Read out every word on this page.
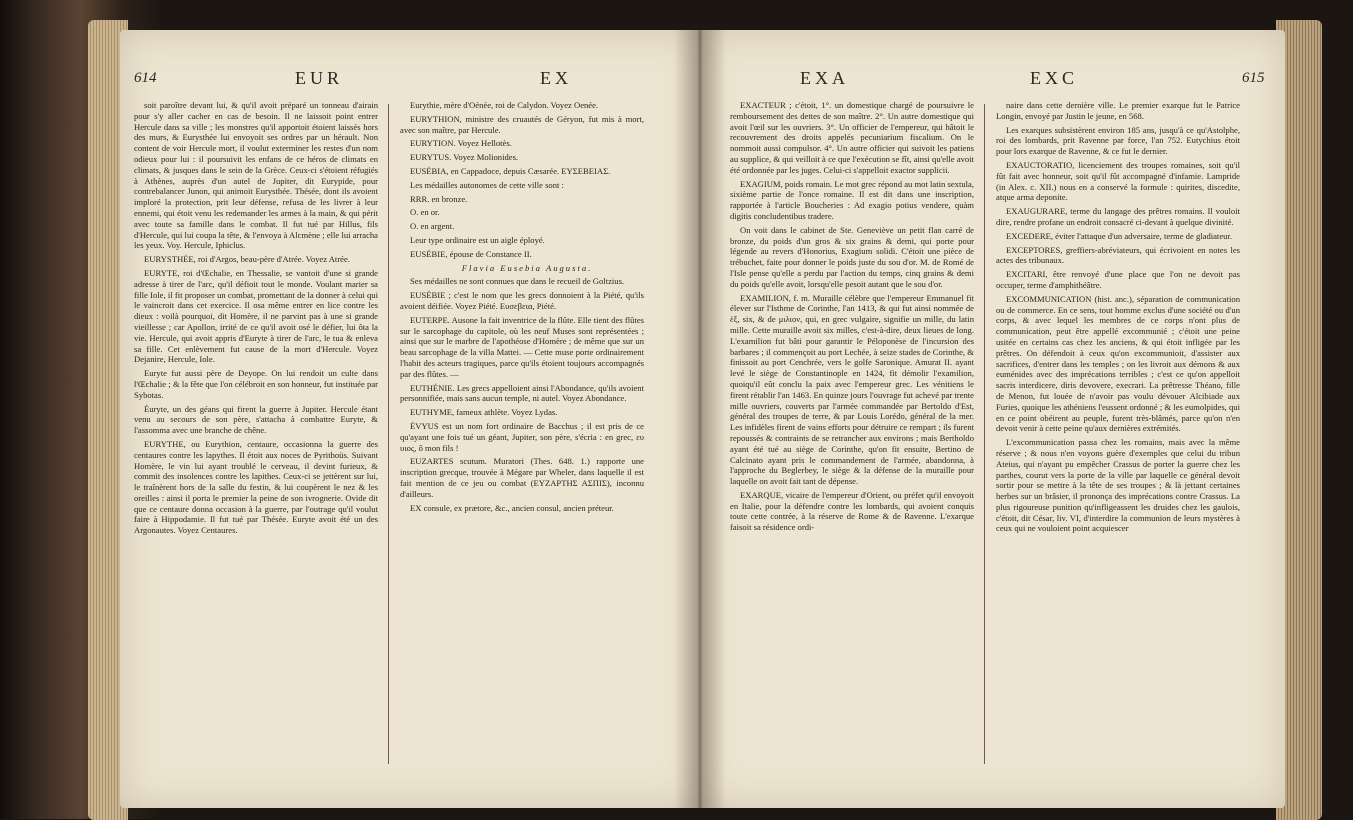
614	EUR	EX

soit paroître devant lui, & qu'il avoit préparé un tonneau d'airain pour s'y aller cacher en cas de besoin. Il ne laissoit point entrer Hercule dans sa ville ; les monstres qu'il apportoit étoient laissés hors des murs, & Eurysthée lui envoyoit ses ordres par un hérault. Non content de voir Hercule mort, il voulut exterminer les restes d'un nom odieux pour lui : il poursuivit les enfans de ce héros de climats en climats, & jusques dans le sein de la Grèce. Ceux-ci s'étoient réfugiés à Athènes, auprès d'un autel de Jupiter, dit Eurypide, pour contrebalancer Junon, qui animoit Eurysthée. Thésée, dont ils avoient imploré la protection, prit leur défense, refusa de les livrer à leur ennemi, qui étoit venu les redemander les armes à la main, & qui périt avec toute sa famille dans le combat. Il fut tué par Hillus, fils d'Hercule, qui lui coupa la tête, & l'envoya à Alcmène ; elle lui arracha les yeux. Voy. Hercule, Iphiclus.

EURYSTHÉE, roi d'Argos, beau-père d'Atrée. Voyez Atrée.

EURYTE, roi d'Œchalie, en Thessalie, se vantoit d'une si grande adresse à tirer de l'arc, qu'il défioit tout le monde. Voulant marier sa fille Iole, il fit proposer un combat, promettant de la donner à celui qui le vaincroit dans cet exercice. Il osa même entrer en lice contre les dieux : voilà pourquoi, dit Homère, il ne parvint pas à une si grande vieillesse ; car Apollon, irrité de ce qu'il avoit osé le défier, lui ôta la vie. Hercule, qui avoit appris d'Euryte à tirer de l'arc, le tua & enleva sa fille. Cet enlèvement fut cause de la mort d'Hercule. Voyez Dejanire, Hercule, Iole.

Euryte fut aussi père de Deyope. On lui rendoit un culte dans l'Œchalie ; & la fête que l'on célébroit en son honneur, fut instituée par Sybotas.

Éuryte, un des géans qui firent la guerre à Jupiter. Hercule étant venu au secours de son père, s'attacha à combattre Euryte, & l'assomma avec une branche de chêne.

EURYTHE, ou Eurythion, centaure, occasionna la guerre des centaures contre les lapythes. Il étoit aux noces de Pyrithoüs. Suivant Homère, le vin lui ayant troublé le cerveau, il devint furieux, & commit des insolences contre les lapithes. Ceux-ci se jettèrent sur lui, le traînèrent hors de la salle du festin, & lui coupèrent le nez & les oreilles : ainsi il porta le premier la peine de son ivrognerie. Ovide dit que ce centaure donna occasion à la guerre, par l'outrage qu'il voulut faire à Hippodamie. Il fut tué par Thésée. Euryte avoit été un des Argonautes. Voyez Centaures.

Eurythie, mère d'Oénée, roi de Calydon. Voyez Oenée.

EURYTHION, ministre des cruautés de Géryon, fut mis à mort, avec son maître, par Hercule.

EURYTION. Voyez Hellotès.

EURYTUS. Voyez Molionides.

EUSÉBIA, en Cappadoce, depuis Cæsarée. ΕΥΣΕΒΕΙΑΣ.

Les médailles autonomes de cette ville sont :

RRR. en bronze.

O. en or.

O. en argent.

Leur type ordinaire est un aigle éployé.

EUSÉBIE, épouse de Constance II.

Flavia Eusebia Augusta.

Ses médailles ne sont connues que dans le recueil de Goltzius.

EUSÉBIE ; c'est le nom que les grecs donnoient à la Piété, qu'ils avoient déifiée. Voyez Piété. Ευσεβεια, Piété.

EUTERPE. Ausone la fait inventrice de la flûte. Elle tient des flûtes sur le sarcophage du capitole, où les neuf Muses sont représentées ; ainsi que sur le marbre de l'apothéose d'Homère ; de même que sur un beau sarcophage de la villa Mattei. — Cette muse porte ordinairement l'habit des acteurs tragiques, parce qu'ils étoient toujours accompagnés par des flûtes. —

EUTHÉNIE. Les grecs appelloient ainsi l'Abondance, qu'ils avoient personnifiée, mais sans aucun temple, ni autel. Voyez Abondance.

EUTHYME, fameux athlète. Voyez Lydas.

ÉVYUS est un nom fort ordinaire de Bacchus ; il est pris de ce qu'ayant une fois tué un géant, Jupiter, son père, s'écria : en grec, ευ υιος, ô mon fils !

EUZARTES scutum. Muratori (Thes. 648. 1.) rapporte une inscription grecque, trouvée à Mégare par Wheler, dans laquelle il est fait mention de ce jeu ou combat (ΕΥΖΑΡΤΗΣ ΑΣΠΙΣ), inconnu d'ailleurs.

EX consule, ex prætore, &c., ancien consul, ancien préteur.

EXA	EXC	615

EXACTEUR ; c'étoit, 1°. un domestique chargé de poursuivre le remboursement des dettes de son maître. 2°. Un autre domestique qui avoit l'œil sur les ouvriers. 3°. Un officier de l'empereur, qui hâtoit le recouvrement des droits appelés pecuniarium fiscalium. On le nommoit aussi compulsor. 4°. Un autre officier qui suivoit les patiens au supplice, & qui veilloit à ce que l'exécution se fît, ainsi qu'elle avoit été ordonnée par les juges. Celui-ci s'appelloit exactor supplicii.

EXAGIUM, poids romain. Le mot grec répond au mot latin sextula, sixième partie de l'once romaine. Il est dit dans une inscription, rapportée à l'article Boucheries : Ad exagio potius vendere, quàm digitis concludentibus tradere.

On voit dans le cabinet de Ste. Geneviève un petit flan carré de bronze, du poids d'un gros & six grains & demi, qui porte pour légende au revers d'Honorius, Exagium solidi. C'étoit une pièce de trébuchet, faite pour donner le poids juste du sou d'or. M. de Romé de l'Isle pense qu'elle a perdu par l'action du temps, cinq grains & demi du poids qu'elle avoit, lorsqu'elle pesoit autant que le sou d'or.

EXAMILION, f. m. Muraille célèbre que l'empereur Emmanuel fit élever sur l'Isthme de Corinthe, l'an 1413, & qui fut ainsi nommée de ἑξ, six, & de μιλιον, qui, en grec vulgaire, signifie un mille, du latin mille. Cette muraille avoit six milles, c'est-à-dire, deux lieues de long. L'examilion fut bâti pour garantir le Péloponèse de l'incursion des barbares ; il commençoit au port Lechée, à seize stades de Corinthe, & finissoit au port Cenchrée, vers le golfe Saronique. Amurat II. ayant levé le siège de Constantinople en 1424, fit démolir l'examilion, quoiqu'il eût conclu la paix avec l'empereur grec. Les vénitiens le firent rétablir l'an 1463. En quinze jours l'ouvrage fut achevé par trente mille ouvriers, couverts par l'armée commandée par Bertoldo d'Est, général des troupes de terre, & par Louis Lorédo, général de la mer. Les infidèles firent de vains efforts pour détruire ce rempart ; ils furent repoussés & contraints de se retrancher aux environs ; mais Bertholdo ayant été tué au siège de Corinthe, qu'on fit ensuite, Bertino de Calcinato ayant pris le commandement de l'armée, abandonna, à l'approche du Beglerbey, le siège & la défense de la muraille pour laquelle on avoit fait tant de dépense.

EXARQUE, vicaire de l'empereur d'Orient, ou préfet qu'il envoyoit en Italie, pour la défendre contre les lombards, qui avoient conquis toute cette contrée, à la réserve de Rome & de Ravenne. L'exarque faisoit sa résidence ordi-

naire dans cette dernière ville. Le premier exarque fut le Patrice Longin, envoyé par Justin le jeune, en 568.

Les exarques subsistèrent environ 185 ans, jusqu'à ce qu'Astolphe, roi des lombards, prit Ravenne par force, l'an 752. Eutychius étoit pour lors exarque de Ravenne, & ce fut le dernier.

EXAUCTORATIO, licenciement des troupes romaines, soit qu'il fût fait avec honneur, soit qu'il fût accompagné d'infamie. Lampride (in Alex. c. XII.) nous en a conservé la formule : quirites, discedite, atque arma deponite.

EXAUGURARE, terme du langage des prêtres romains. Il vouloit dire, rendre profane un endroit consacré ci-devant à quelque divinité.

EXCEDERE, éviter l'attaque d'un adversaire, terme de gladiateur.

EXCEPTORES, greffiers-abréviateurs, qui écrivoient en notes les actes des tribunaux.

EXCITARI, être renvoyé d'une place que l'on ne devoit pas occuper, terme d'amphithéâtre.

EXCOMMUNICATION (hist. anc.), séparation de communication ou de commerce. En ce sens, tout homme exclus d'une société ou d'un corps, & avec lequel les membres de ce corps n'ont plus de communication, peut être appellé excommunié ; c'étoit une peine usitée en certains cas chez les anciens, & qui étoit infligée par les prêtres. On défendoit à ceux qu'on excommunioit, d'assister aux sacrifices, d'entrer dans les temples ; on les livroit aux démons & aux euménides avec des imprécations terribles ; c'est ce qu'on appelloit sacris interdicere, diris devovere, execrari. La prêtresse Théano, fille de Menon, fut louée de n'avoir pas voulu dévouer Alcibiade aux Furies, quoique les athéniens l'eussent ordonné ; & les eumolpides, qui en ce point obéirent au peuple, furent très-blâmés, parce qu'on n'en devoit venir à cette peine qu'aux dernières extrémités.

L'excommunication passa chez les romains, mais avec la même réserve ; & nous n'en voyons guère d'exemples que celui du tribun Ateius, qui n'ayant pu empêcher Crassus de porter la guerre chez les parthes, courut vers la porte de la ville par laquelle ce général devoit sortir pour se mettre à la tête de ses troupes ; & là jettant certaines herbes sur un brâsier, il prononça des imprécations contre Crassus. La plus rigoureuse punition qu'infligeassent les druides chez les gaulois, c'étoit, dit César, liv. VI, d'interdire la communion de leurs mystères à ceux qui ne vouloient point acquiescer
